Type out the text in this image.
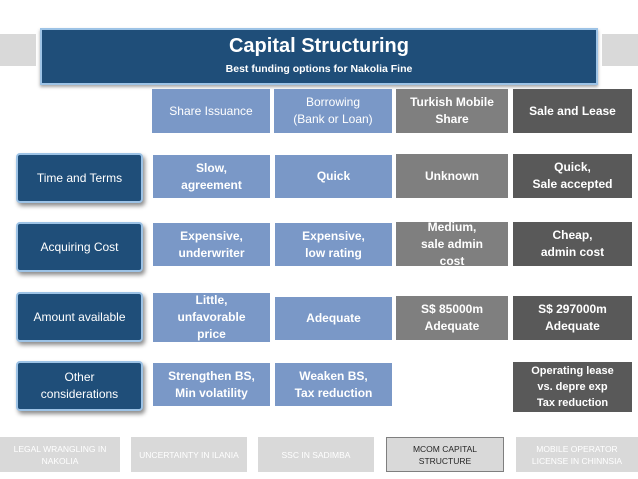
Capital Structuring
Best funding options for Nakolia Fine
Share Issuance
Borrowing
(Bank or Loan)
Turkish Mobile
Share
Sale and Lease
Time and Terms
Slow,
agreement
Quick	Unknown
Quick,
Sale accepted
Acquiring Cost
Expensive,
underwriter
Expensive,
low rating
Medium,
sale admin
cost
Cheap,
admin cost
Amount available
Little,
unfavorable
price
Adequate
S$ 85000m
Adequate
S$ 297000m
Adequate
Other
considerations
Strengthen BS,
Min volatility
Weaken BS,
Tax reduction
Operating lease
vs. depre exp
Tax reduction
LEGAL WRANGLING IN
NAKOLIA
UNCERTAINTY IN ILANIA	SSC IN SADIMBA
MCOM CAPITAL
STRUCTURE
MOBILE OPERATOR
LICENSE IN CHINNSIA
